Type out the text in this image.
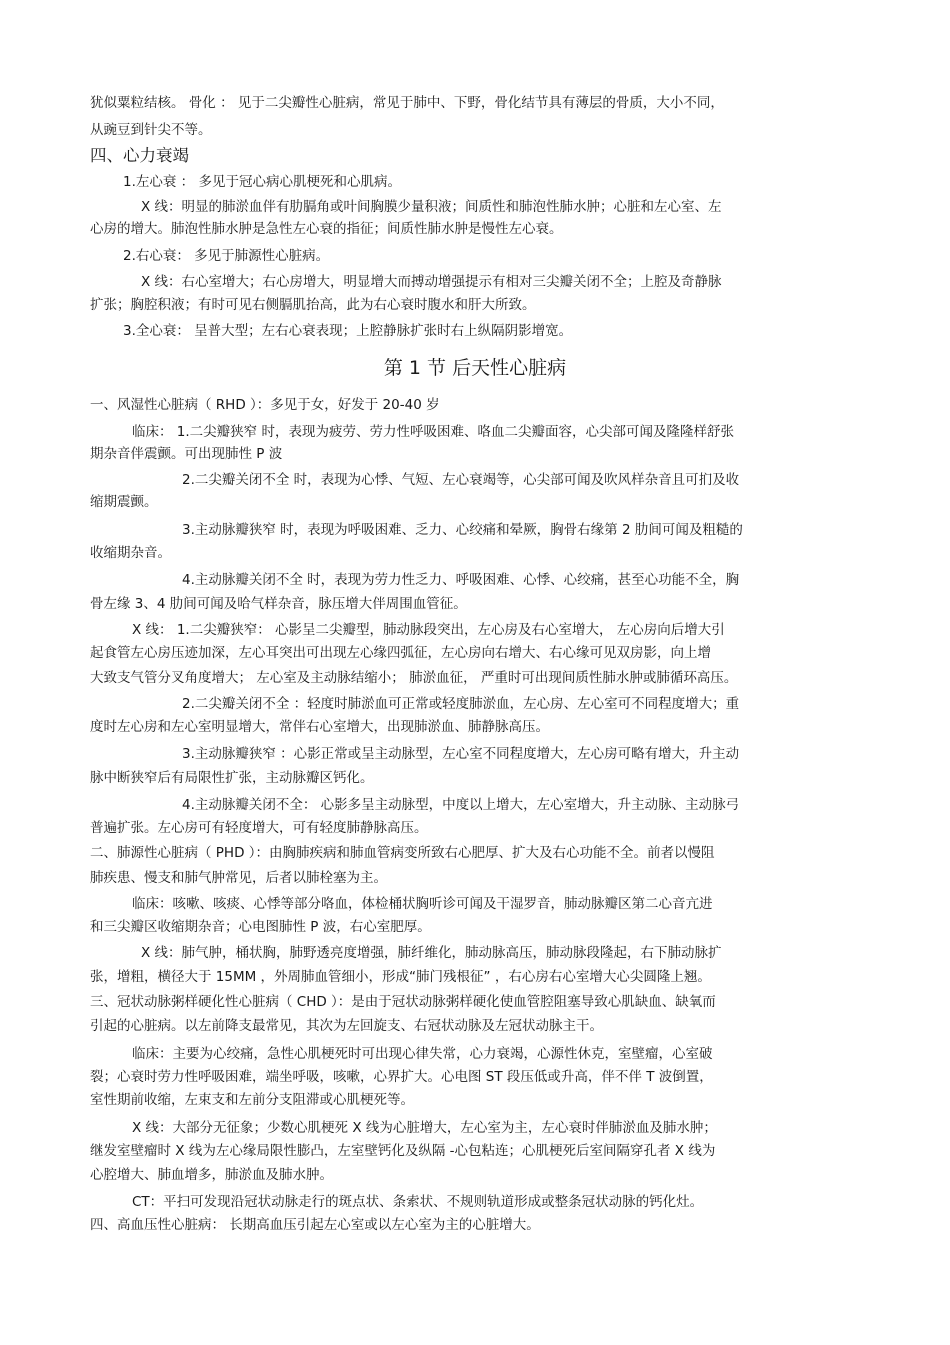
犹似粟粒结核。 骨化 ： 见于二尖瓣性心脏病，常见于肺中、下野，骨化结节具有薄层的骨质，大小不同，
从豌豆到针尖不等。
四、心力衰竭
1.左心衰 ： 多见于冠心病心肌梗死和心肌病。
X 线：明显的肺淤血伴有肋膈角或叶间胸膜少量积液；间质性和肺泡性肺水肿；心脏和左心室、左
心房的增大。肺泡性肺水肿是急性左心衰的指征；间质性肺水肿是慢性左心衰。
2.右心衰： 多见于肺源性心脏病。
X 线：右心室增大；右心房增大，明显增大而搏动增强提示有相对三尖瓣关闭不全；上腔及奇静脉
扩张；胸腔积液；有时可见右侧膈肌抬高，此为右心衰时腹水和肝大所致。
3.全心衰： 呈普大型；左右心衰表现；上腔静脉扩张时右上纵隔阴影增宽。
第 1 节 后天性心脏病
一、风湿性心脏病（ RHD ）：多见于女，好发于 20-40 岁
临床： 1.二尖瓣狭窄 时，表现为疲劳、劳力性呼吸困难、咯血二尖瓣面容，心尖部可闻及隆隆样舒张
期杂音伴震颤。可出现肺性 P 波
2.二尖瓣关闭不全 时，表现为心悸、气短、左心衰竭等，心尖部可闻及吹风样杂音且可扪及收
缩期震颤。
3.主动脉瓣狭窄 时，表现为呼吸困难、乏力、心绞痛和晕厥，胸骨右缘第 2 肋间可闻及粗糙的
收缩期杂音。
4.主动脉瓣关闭不全 时，表现为劳力性乏力、呼吸困难、心悸、心绞痛，甚至心功能不全，胸
骨左缘 3、4 肋间可闻及哈气样杂音，脉压增大伴周围血管征。
X 线： 1.二尖瓣狭窄： 心影呈二尖瓣型，肺动脉段突出，左心房及右心室增大， 左心房向后增大引
起食管左心房压迹加深，左心耳突出可出现左心缘四弧征，左心房向右增大、右心缘可见双房影，向上增
大致支气管分叉角度增大； 左心室及主动脉结缩小； 肺淤血征， 严重时可出现间质性肺水肿或肺循环高压。
2.二尖瓣关闭不全 ：轻度时肺淤血可正常或轻度肺淤血，左心房、左心室可不同程度增大；重
度时左心房和左心室明显增大，常伴右心室增大，出现肺淤血、肺静脉高压。
3.主动脉瓣狭窄 ：心影正常或呈主动脉型，左心室不同程度增大，左心房可略有增大，升主动
脉中断狭窄后有局限性扩张，主动脉瓣区钙化。
4.主动脉瓣关闭不全： 心影多呈主动脉型，中度以上增大，左心室增大，升主动脉、主动脉弓
普遍扩张。左心房可有轻度增大，可有轻度肺静脉高压。
二、肺源性心脏病（ PHD ）：由胸肺疾病和肺血管病变所致右心肥厚、扩大及右心功能不全。前者以慢阻
肺疾患、慢支和肺气肿常见，后者以肺栓塞为主。
临床：咳嗽、咳痰、心悸等部分咯血，体检桶状胸听诊可闻及干湿罗音，肺动脉瓣区第二心音亢进
和三尖瓣区收缩期杂音；心电图肺性 P 波，右心室肥厚。
X 线：肺气肿，桶状胸，肺野透亮度增强，肺纤维化，肺动脉高压，肺动脉段隆起，右下肺动脉扩
张，增粗，横径大于 15MM ，外周肺血管细小，形成“肺门残根征” ，右心房右心室增大心尖圆隆上翘。
三、冠状动脉粥样硬化性心脏病（ CHD ）：是由于冠状动脉粥样硬化使血管腔阻塞导致心肌缺血、缺氧而
引起的心脏病。以左前降支最常见，其次为左回旋支、右冠状动脉及左冠状动脉主干。
临床：主要为心绞痛，急性心肌梗死时可出现心律失常，心力衰竭，心源性休克，室壁瘤，心室破
裂；心衰时劳力性呼吸困难，端坐呼吸，咳嗽，心界扩大。心电图 ST 段压低或升高，伴不伴 T 波倒置，
室性期前收缩，左束支和左前分支阻滞或心肌梗死等。
X 线：大部分无征象；少数心肌梗死 X 线为心脏增大，左心室为主，左心衰时伴肺淤血及肺水肿；
继发室壁瘤时 X 线为左心缘局限性膨凸，左室壁钙化及纵隔 -心包粘连；心肌梗死后室间隔穿孔者 X 线为
心腔增大、肺血增多，肺淤血及肺水肿。
CT：平扫可发现沿冠状动脉走行的斑点状、条索状、不规则轨道形成或整条冠状动脉的钙化灶。
四、高血压性心脏病： 长期高血压引起左心室或以左心室为主的心脏增大。
